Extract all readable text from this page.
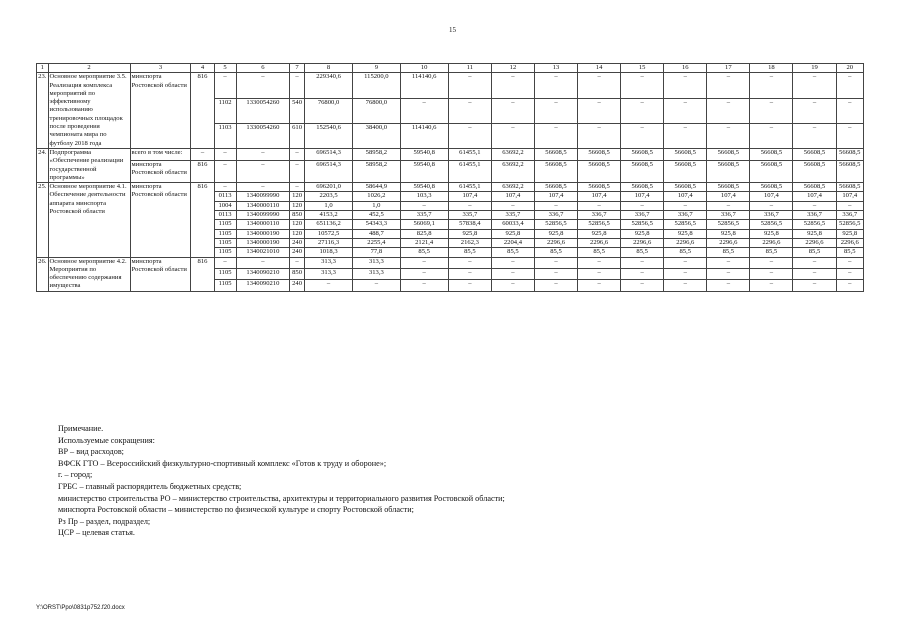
15
1	2	3	4	5	6	7	8	9	10	11	12	13	14	15	16	17	18	19	20
23.	Основное мероприятие 3.5. Реализация комплекса мероприятий по эффективному использованию тренировочных площадок после проведения чемпионата мира по футболу 2018 года	минспорта Ростовской области	816	–	–	–	229340,6	115200,0	114140,6	–	–	–	–	–	–	–	–	–	–
				1102	1330054260	540	76800,0	76800,0	–	–	–	–	–	–	–	–	–	–	–
				1103	1330054260	610	152540,6	38400,0	114140,6	–	–	–	–	–	–	–	–	–	–
24.	Подпрограмма «Обеспечение реализации государственной программы»	всего в том числе:	–	–	–	–	696514,3	58958,2	59540,8	61455,1	63692,2	56608,5	56608,5	56608,5	56608,5	56608,5	56608,5	56608,5	56608,5
		минспорта Ростовской области	816	–	–	–	696514,3	58958,2	59540,8	61455,1	63692,2	56608,5	56608,5	56608,5	56608,5	56608,5	56608,5	56608,5	56608,5
25.	Основное мероприятие 4.1. Обеспечение деятельности аппарата минспорта Ростовской области	минспорта Ростовской области	816	–	–	–	696201,0	58644,9	59540,8	61455,1	63692,2	56608,5	56608,5	56608,5	56608,5	56608,5	56608,5	56608,5	56608,5
				0113	1340099990	120	2203,5	1026,2	103,3	107,4	107,4	107,4	107,4	107,4	107,4	107,4	107,4	107,4	107,4
				1004	1340000110	120	1,0	1,0	–	–	–	–	–	–	–	–	–	–	–
				0113	1340099990	850	4153,2	452,5	335,7	335,7	335,7	336,7	336,7	336,7	336,7	336,7	336,7	336,7	336,7
				1105	1340000110	120	651136,2	54343,3	56069,1	57838,4	60033,4	52856,5	52856,5	52856,5	52856,5	52856,5	52856,5	52856,5	52856,5
				1105	1340000190	120	10572,5	488,7	825,8	925,8	925,8	925,8	925,8	925,8	925,8	925,8	925,8	925,8	925,8
				1105	1340000190	240	27116,3	2255,4	2121,4	2162,3	2204,4	2296,6	2296,6	2296,6	2296,6	2296,6	2296,6	2296,6	2296,6
				1105	1340021010	240	1018,3	77,8	85,5	85,5	85,5	85,5	85,5	85,5	85,5	85,5	85,5	85,5	85,5
26.	Основное мероприятие 4.2. Мероприятия по обеспечению содержания имущества	минспорта Ростовской области	816	–	–	–	313,3	313,3	–	–	–	–	–	–	–	–	–	–	–
				1105	1340090210	850	313,3	313,3	–	–	–	–	–	–	–	–	–	–	–
				1105	1340090210	240	–	–	–	–	–	–	–	–	–	–	–	–	–
Примечание.
Используемые сокращения:
ВР – вид расходов;
ВФСК ГТО – Всероссийский физкультурно-спортивный комплекс «Готов к труду и обороне»;
г. – город;
ГРБС – главный распорядитель бюджетных средств;
министерство строительства РО – министерство строительства, архитектуры и территориального развития Ростовской области;
минспорта Ростовской области – министерство по физической культуре и спорту Ростовской области;
Рз Пр – раздел, подраздел;
ЦСР – целевая статья.
Y:\ORST\Ppo\0831p752.f20.docx
